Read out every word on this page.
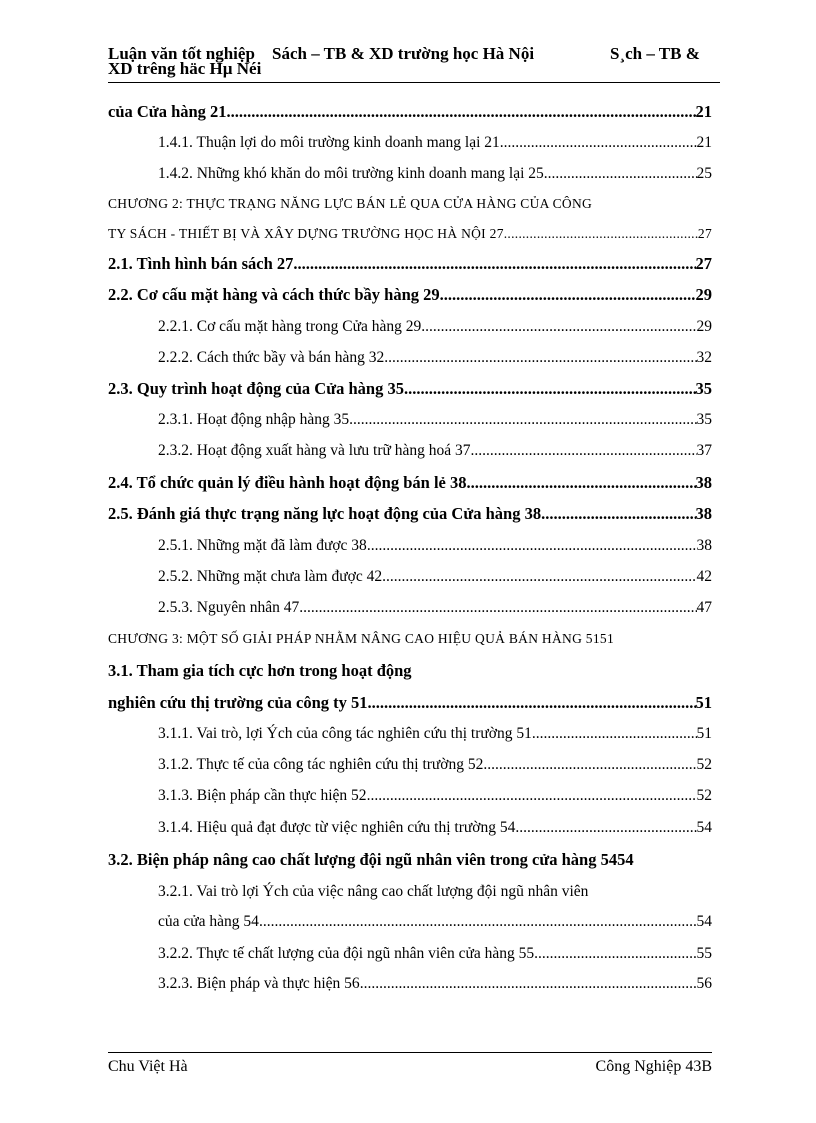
Luận văn tốt nghiệp Sách – TB & XD trường học Hà Nội	S¸ch – TB &
XD trêng häc Hµ Néi
của Cửa hàng 21 .....	21
1.4.1. Thuận lợi do môi trường kinh doanh mang lại 21 .....	21
1.4.2. Những khó khăn do môi trường kinh doanh mang lại 25 .....	25
CHƯƠNG 2: THỰC TRẠNG NĂNG LỰC BÁN LẺ QUA CỬA HÀNG CỦA CÔNG
TY SÁCH - THIẾT BỊ VÀ XÂY DỰNG TRƯỜNG HỌC HÀ NỘI 27 .....	27
2.1. Tình hình bán sách 27 .....	27
2.2. Cơ cấu mặt hàng và cách thức bầy hàng 29 .....	29
2.2.1. Cơ cấu mặt hàng trong Cửa hàng 29 .....	29
2.2.2. Cách thức bầy và bán hàng 32 .....	32
2.3. Quy trình hoạt động của Cửa hàng 35 .....	35
2.3.1. Hoạt động nhập hàng 35 .....	35
2.3.2. Hoạt động xuất hàng và lưu trữ hàng hoá 37 .....	37
2.4. Tổ chức quản lý điều hành hoạt động bán lẻ 38 .....	38
2.5. Đánh giá thực trạng năng lực hoạt động của Cửa hàng 38 .....	38
2.5.1. Những mặt đã làm được 38 .....	38
2.5.2. Những mặt chưa làm được 42 .....	42
2.5.3. Nguyên nhân 47 .....	47
CHƯƠNG 3: MỘT SỐ GIẢI PHÁP NHẰM NÂNG CAO HIỆU QUẢ BÁN HÀNG 5151
3.1. Tham gia tích cực hơn trong hoạt động
nghiên cứu thị trường của công ty 51 .....	51
3.1.1. Vai trò, lợi Ých của công tác nghiên cứu thị trường 51 .....	51
3.1.2. Thực tế của công tác nghiên cứu thị trường 52 .....	52
3.1.3. Biện pháp cần thực hiện 52 .....	52
3.1.4. Hiệu quả đạt được từ việc nghiên cứu thị trường 54 .....	54
3.2. Biện pháp nâng cao chất lượng đội ngũ nhân viên trong cửa hàng 5454
3.2.1. Vai trò lợi Ých của việc nâng cao chất lượng đội ngũ nhân viên
của cửa hàng 54 .....	54
3.2.2. Thực tế chất lượng của đội ngũ nhân viên cửa hàng 55 .....	55
3.2.3. Biện pháp và thực hiện 56 .....	56
Chu Việt Hà	Công Nghiệp 43B
